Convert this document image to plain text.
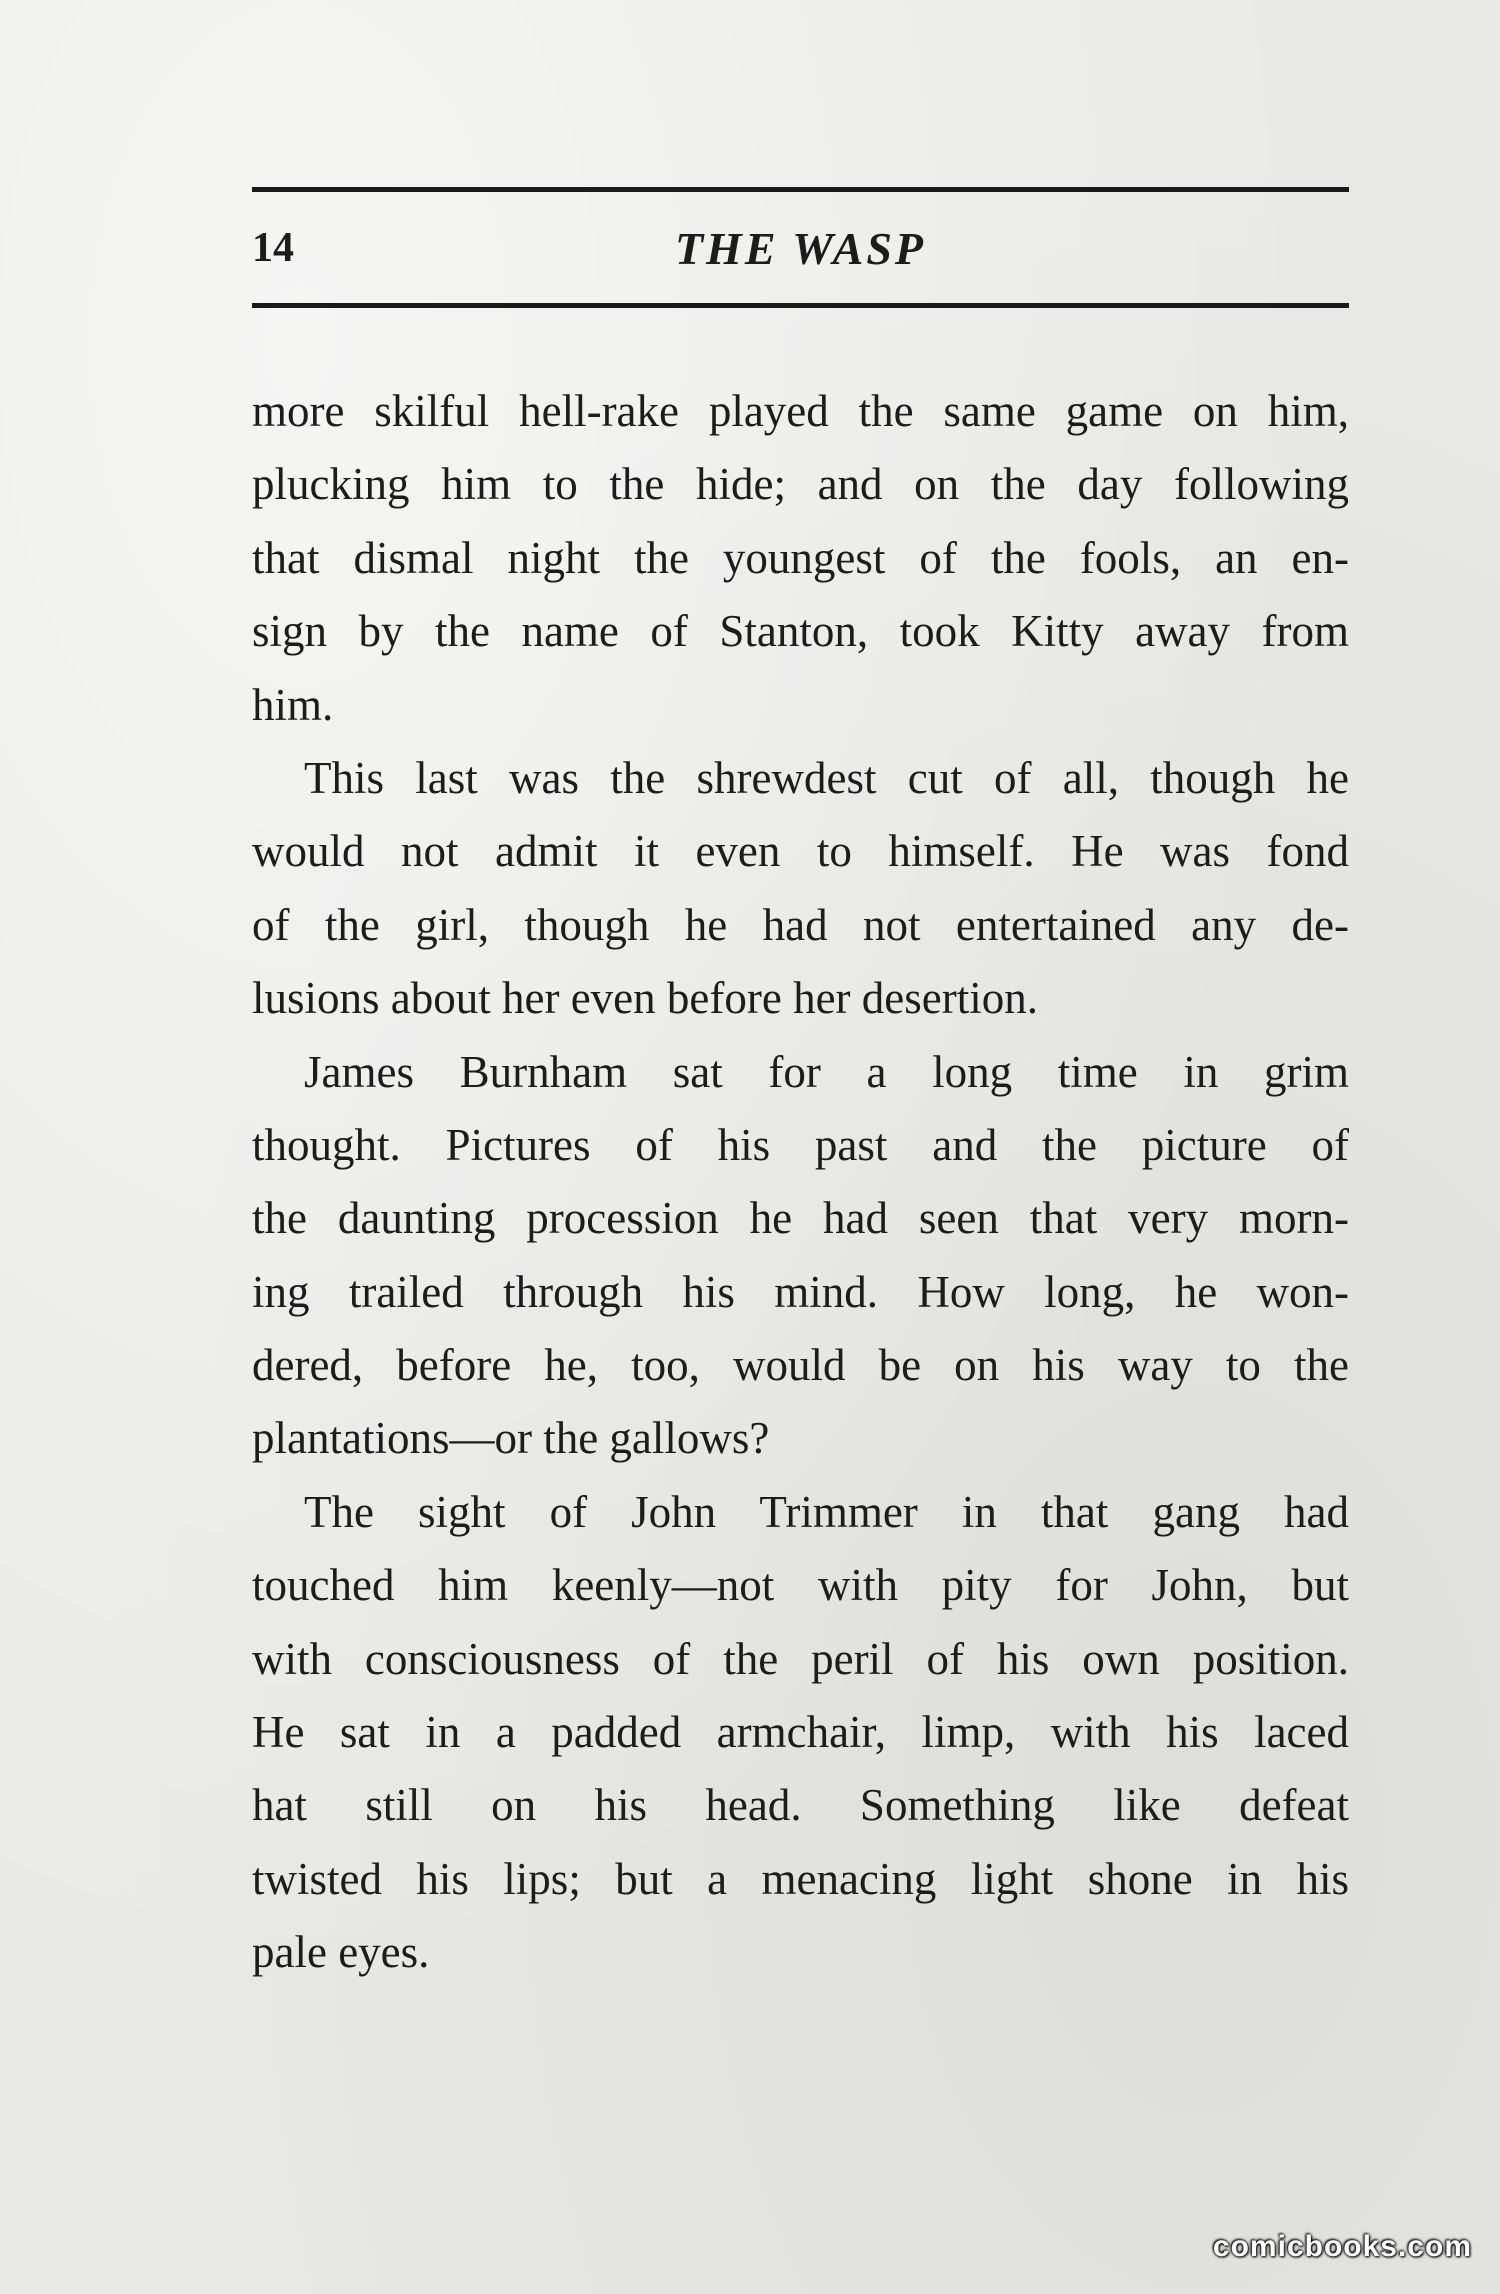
14	THE WASP
more skilful hell-rake played the same game on him,
plucking him to the hide; and on the day following
that dismal night the youngest of the fools, an en-
sign by the name of Stanton, took Kitty away from
him.
This last was the shrewdest cut of all, though he
would not admit it even to himself. He was fond
of the girl, though he had not entertained any de-
lusions about her even before her desertion.
James Burnham sat for a long time in grim
thought. Pictures of his past and the picture of
the daunting procession he had seen that very morn-
ing trailed through his mind. How long, he won-
dered, before he, too, would be on his way to the
plantations—or the gallows?
The sight of John Trimmer in that gang had
touched him keenly—not with pity for John, but
with consciousness of the peril of his own position.
He sat in a padded armchair, limp, with his laced
hat still on his head. Something like defeat
twisted his lips; but a menacing light shone in his
pale eyes.
comicbooks.com
